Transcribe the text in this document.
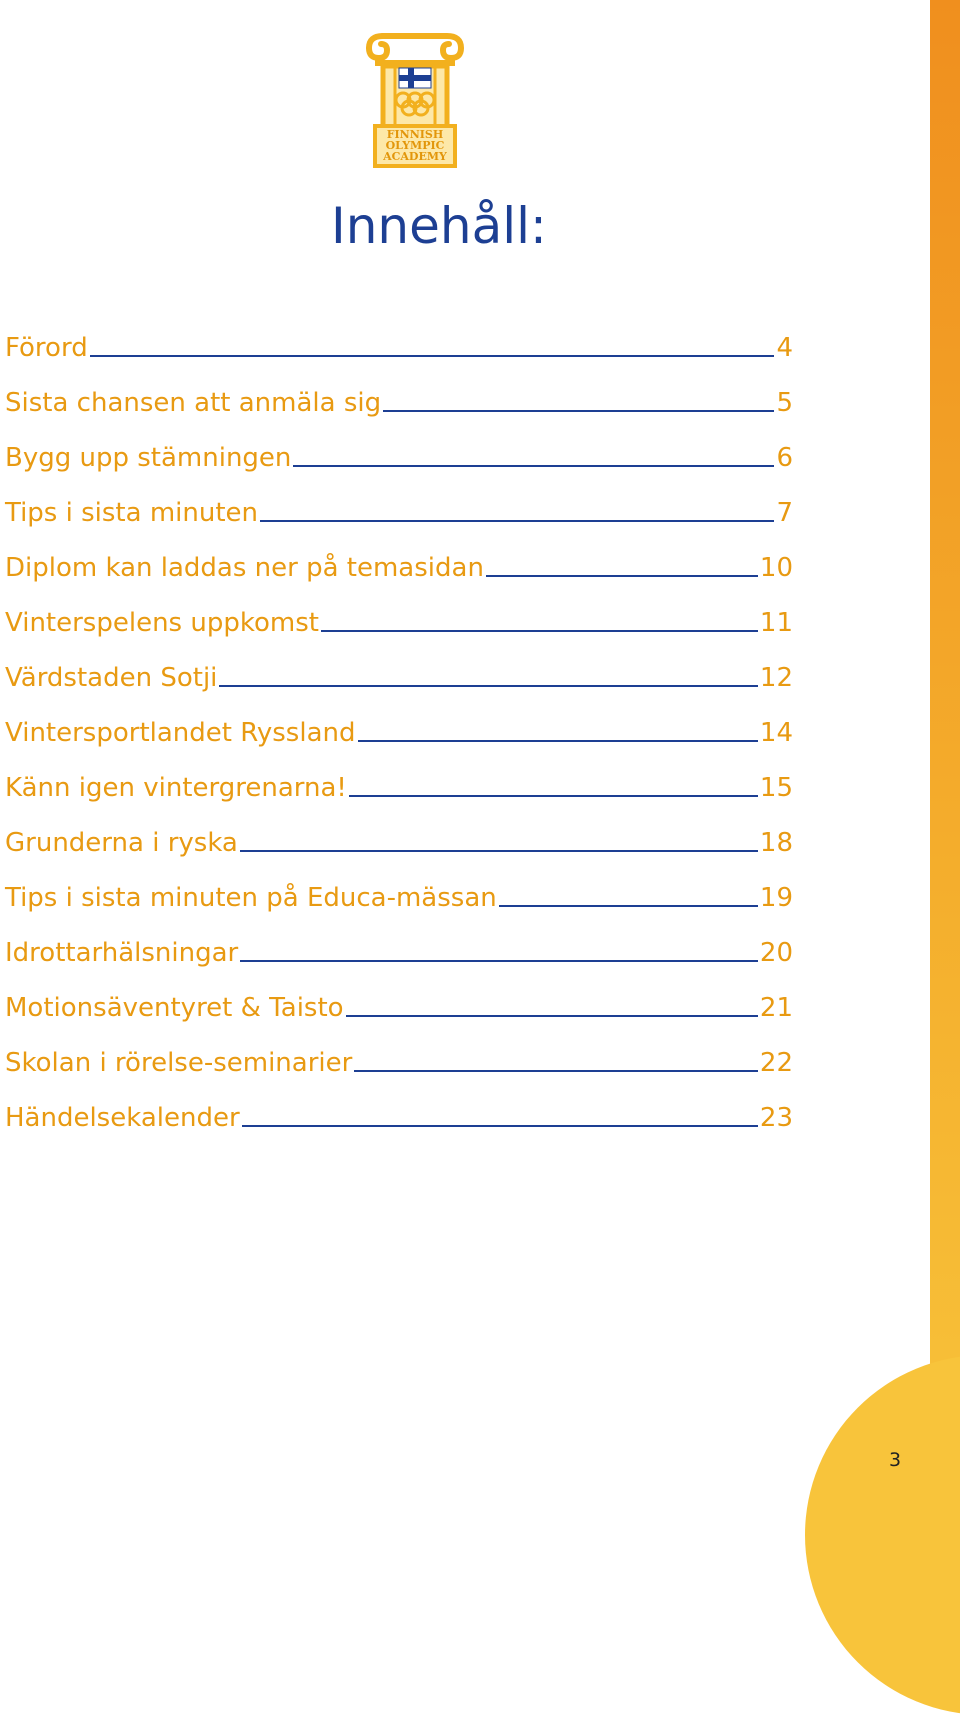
3
FINNISH
OLYMPIC
ACADEMY
Innehåll:
Förord	4
Sista chansen att anmäla sig	5
Bygg upp stämningen	6
Tips i sista minuten	7
Diplom kan laddas ner på temasidan	10
Vinterspelens uppkomst	11
Värdstaden Sotji	12
Vintersportlandet Ryssland	14
Känn igen vintergrenarna!	15
Grunderna i ryska	18
Tips i sista minuten på Educa-mässan	19
Idrottarhälsningar	20
Motionsäventyret & Taisto	21
Skolan i rörelse-seminarier	22
Händelsekalender	23
